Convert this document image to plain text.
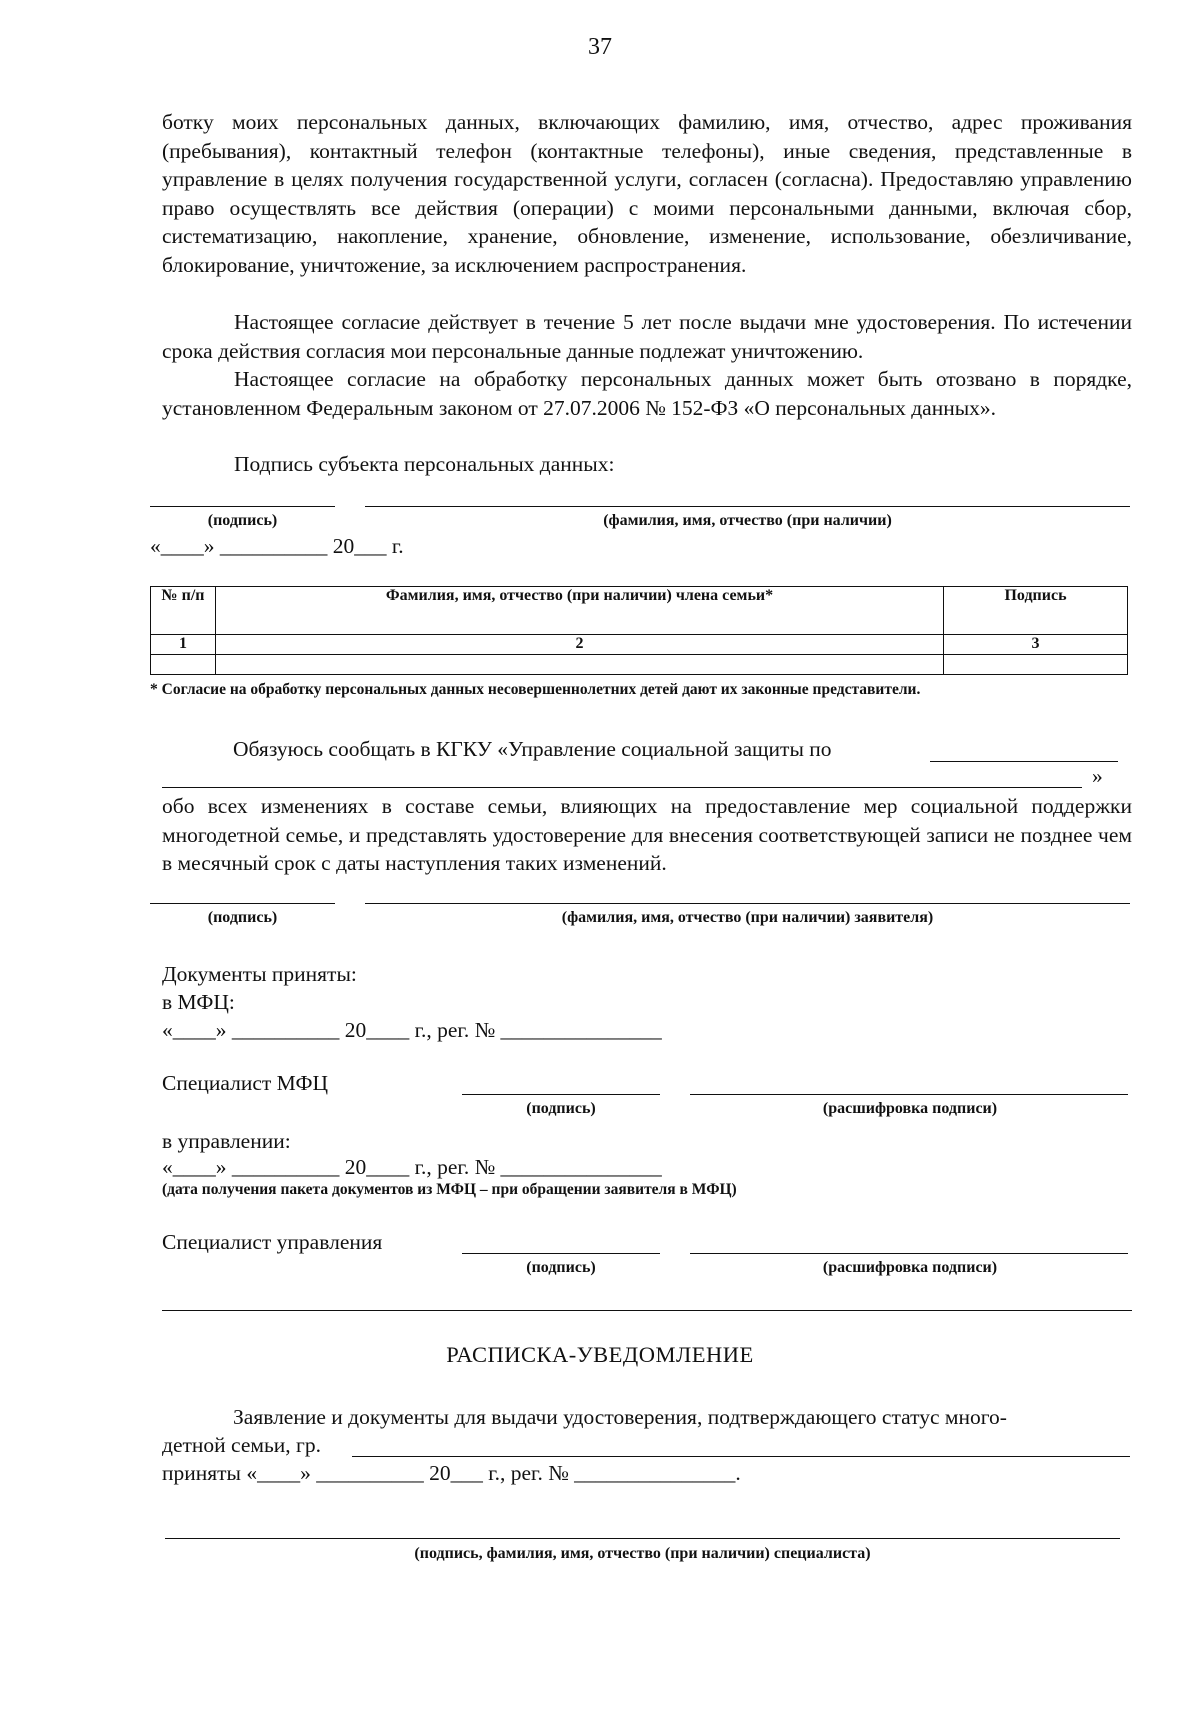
37
ботку моих персональных данных, включающих фамилию, имя, отчество, адрес проживания (пребывания), контактный телефон (контактные телефоны), иные сведения, представленные в управление в целях получения государственной услуги, согласен (согласна). Предоставляю управлению право осуществлять все действия (операции) с моими персональными данными, включая сбор, систематизацию, накопление, хранение, обновление, изменение, использование, обезличивание, блокирование, уничтожение, за исключением распространения.
Настоящее согласие действует в течение 5 лет после выдачи мне удостоверения. По истечении срока действия согласия мои персональные данные подлежат уничтожению.
Настоящее согласие на обработку персональных данных может быть отозвано в порядке, установленном Федеральным законом от 27.07.2006 № 152-ФЗ «О персональных данных».
Подпись субъекта персональных данных:
(подпись)	(фамилия, имя, отчество (при наличии)
«____» __________ 20___ г.
№ п/п	Фамилия, имя, отчество (при наличии) члена семьи*	Подпись
1	2	3

* Согласие на обработку персональных данных несовершеннолетних детей дают их законные представители.
Обязуюсь сообщать в КГКУ «Управление социальной защиты по
»
обо всех изменениях в составе семьи, влияющих на предоставление мер социальной поддержки многодетной семье, и представлять удостоверение для внесения соответствующей записи не позднее чем в месячный срок с даты наступления таких изменений.
(подпись)	(фамилия, имя, отчество (при наличии) заявителя)
Документы приняты:
в МФЦ:
«____» __________ 20____ г., рег. № _______________
Специалист МФЦ
(подпись)	(расшифровка подписи)
в управлении:
«____» __________ 20____ г., рег. № _______________
(дата получения пакета документов из МФЦ – при обращении заявителя в МФЦ)
Специалист управления
(подпись)	(расшифровка подписи)
РАСПИСКА-УВЕДОМЛЕНИЕ
Заявление и документы для выдачи удостоверения, подтверждающего статус много-
детной семьи, гр.
приняты «____» __________ 20___ г., рег. № _______________.
(подпись, фамилия, имя, отчество (при наличии) специалиста)
